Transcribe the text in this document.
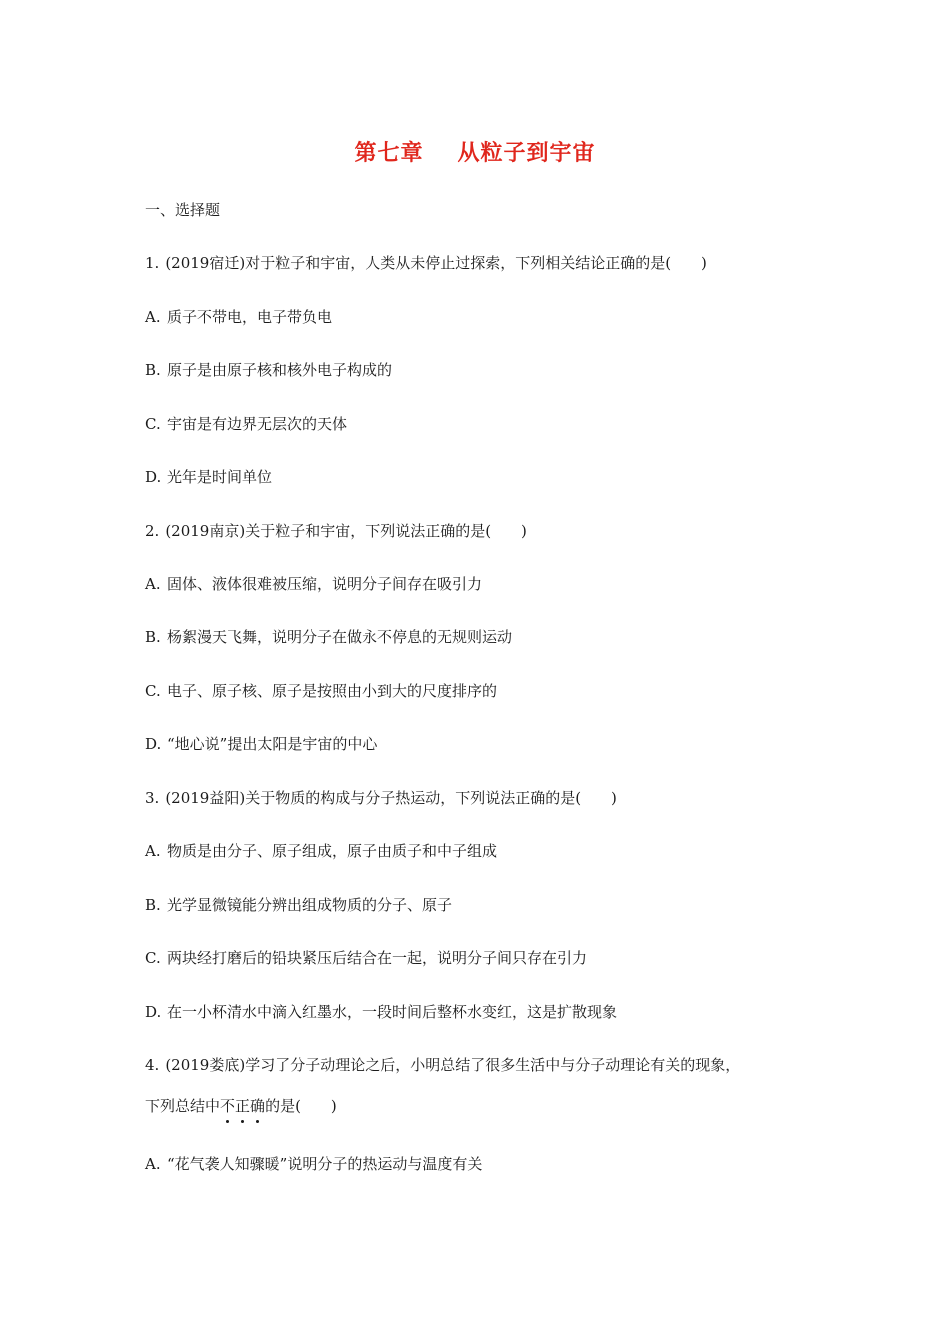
第七章 从粒子到宇宙
一、选择题
1. (2019宿迁)对于粒子和宇宙，人类从未停止过探索，下列相关结论正确的是(　　)
A. 质子不带电，电子带负电
B. 原子是由原子核和核外电子构成的
C. 宇宙是有边界无层次的天体
D. 光年是时间单位
2. (2019南京)关于粒子和宇宙，下列说法正确的是(　　)
A. 固体、液体很难被压缩，说明分子间存在吸引力
B. 杨絮漫天飞舞，说明分子在做永不停息的无规则运动
C. 电子、原子核、原子是按照由小到大的尺度排序的
D. “地心说”提出太阳是宇宙的中心
3. (2019益阳)关于物质的构成与分子热运动，下列说法正确的是(　　)
A. 物质是由分子、原子组成，原子由质子和中子组成
B. 光学显微镜能分辨出组成物质的分子、原子
C. 两块经打磨后的铅块紧压后结合在一起，说明分子间只存在引力
D. 在一小杯清水中滴入红墨水，一段时间后整杯水变红，这是扩散现象
4. (2019娄底)学习了分子动理论之后，小明总结了很多生活中与分子动理论有关的现象，
下列总结中不正确的是(　　)
A. “花气袭人知骤暖”说明分子的热运动与温度有关
